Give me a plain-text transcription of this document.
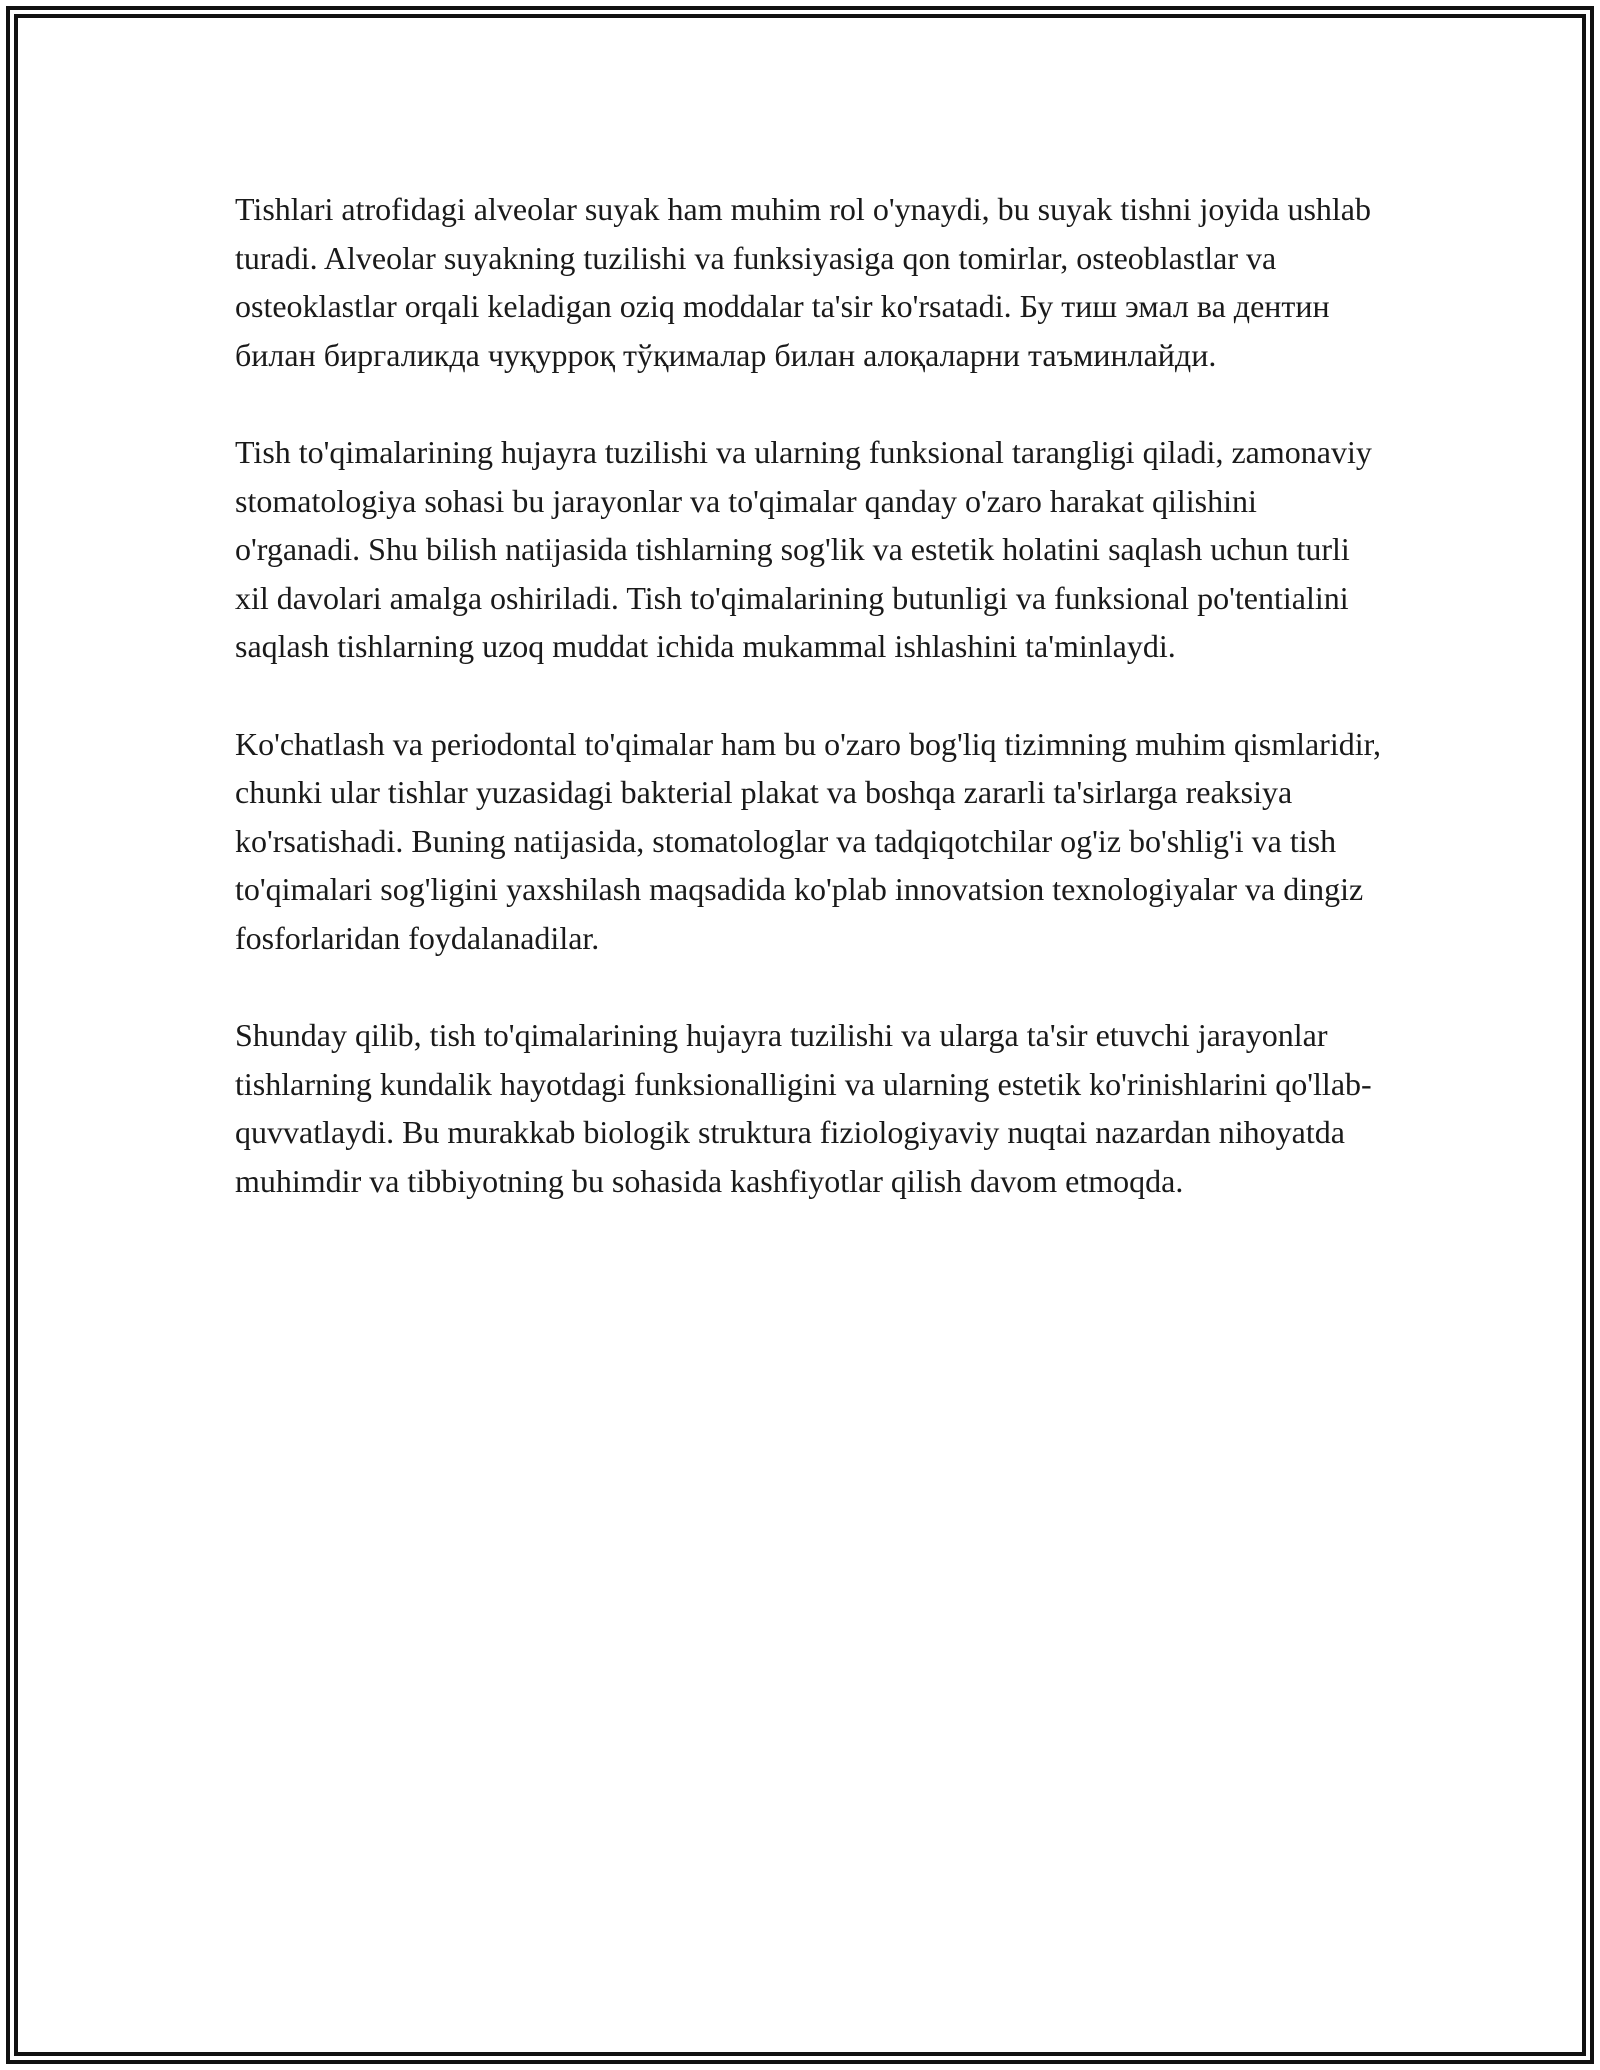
Tishlari atrofidagi alveolar suyak ham muhim rol o'ynaydi, bu suyak tishni joyida ushlab turadi. Alveolar suyakning tuzilishi va funksiyasiga qon tomirlar, osteoblastlar va osteoklastlar orqali keladigan oziq moddalar ta'sir ko'rsatadi. Бу тиш эмал ва дентин билан биргаликда чуқуррoқ тўқималар билан алоқаларни таъминлайди.

Tish to'qimalarining hujayra tuzilishi va ularning funksional tarangligi qiladi, zamonaviy stomatologiya sohasi bu jarayonlar va to'qimalar qanday o'zaro harakat qilishini o'rganadi. Shu bilish natijasida tishlarning sog'lik va estetik holatini saqlash uchun turli xil davolari amalga oshiriladi. Tish to'qimalarining butunligi va funksional po'tentialini saqlash tishlarning uzoq muddat ichida mukammal ishlashini ta'minlaydi.

Ko'chatlash va periodontal to'qimalar ham bu o'zaro bog'liq tizimning muhim qismlaridir, chunki ular tishlar yuzasidagi bakterial plakat va boshqa zararli ta'sirlarga reaksiya ko'rsatishadi. Buning natijasida, stomatologlar va tadqiqotchilar og'iz bo'shlig'i va tish to'qimalari sog'ligini yaxshilash maqsadida ko'plab innovatsion texnologiyalar va dingiz fosforlaridan foydalanadilar.

Shunday qilib, tish to'qimalarining hujayra tuzilishi va ularga ta'sir etuvchi jarayonlar tishlarning kundalik hayotdagi funksionalligini va ularning estetik ko'rinishlarini qo'llab-quvvatlaydi. Bu murakkab biologik struktura fiziologiyaviy nuqtai nazardan nihoyatda muhimdir va tibbiyotning bu sohasida kashfiyotlar qilish davom etmoqda.
